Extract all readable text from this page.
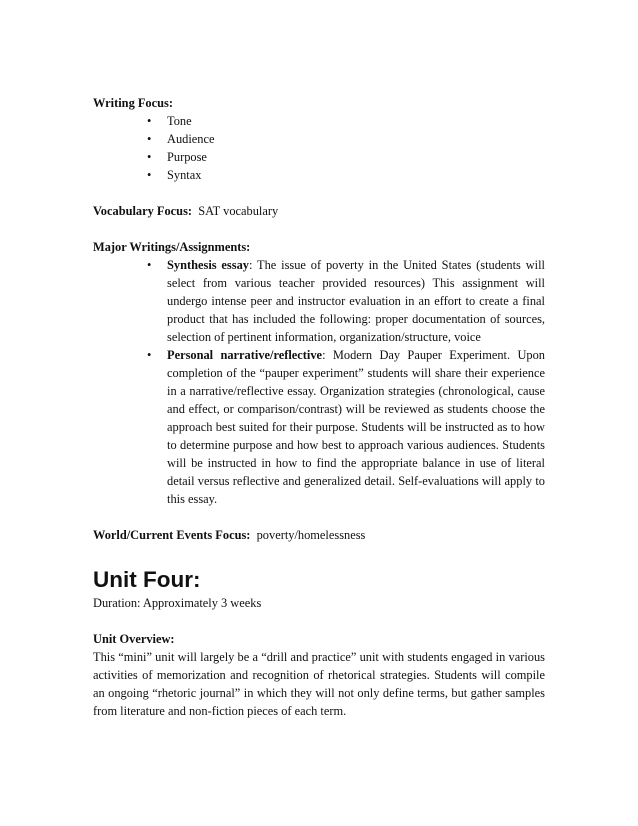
Writing Focus:
• Tone
• Audience
• Purpose
• Syntax

Vocabulary Focus: SAT vocabulary

Major Writings/Assignments:
• Synthesis essay: The issue of poverty in the United States (students will select from various teacher provided resources) This assignment will undergo intense peer and instructor evaluation in an effort to create a final product that has included the following: proper documentation of sources, selection of pertinent information, organization/structure, voice
• Personal narrative/reflective: Modern Day Pauper Experiment. Upon completion of the “pauper experiment” students will share their experience in a narrative/reflective essay. Organization strategies (chronological, cause and effect, or comparison/contrast) will be reviewed as students choose the approach best suited for their purpose. Students will be instructed as to how to determine purpose and how best to approach various audiences. Students will be instructed in how to find the appropriate balance in use of literal detail versus reflective and generalized detail. Self-evaluations will apply to this essay.

World/Current Events Focus: poverty/homelessness

Unit Four:

Duration: Approximately 3 weeks

Unit Overview:

This “mini” unit will largely be a “drill and practice” unit with students engaged in various activities of memorization and recognition of rhetorical strategies. Students will compile an ongoing “rhetoric journal” in which they will not only define terms, but gather samples from literature and non-fiction pieces of each term.
